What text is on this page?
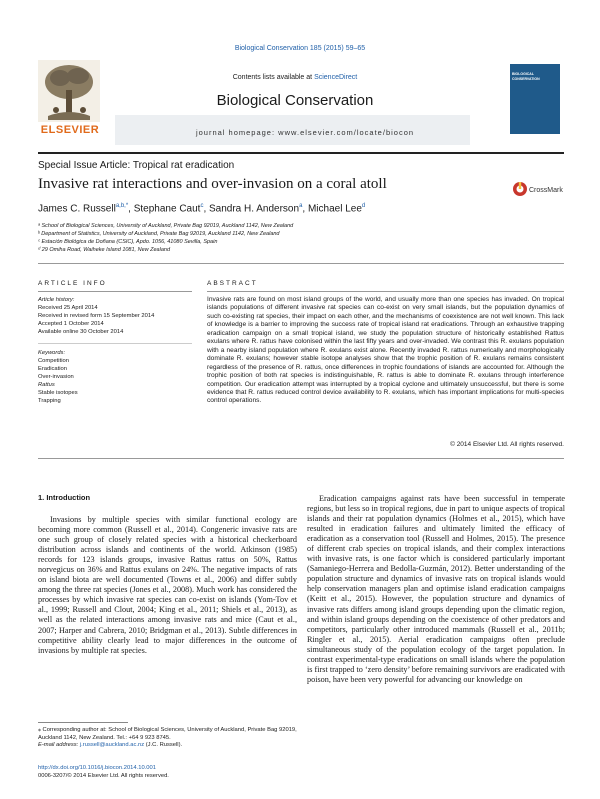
Biological Conservation 185 (2015) 59–65
ELSEVIER
Contents lists available at ScienceDirect
Biological Conservation
journal homepage: www.elsevier.com/locate/biocon
BIOLOGICAL CONSERVATION
Special Issue Article: Tropical rat eradication
Invasive rat interactions and over-invasion on a coral atoll	CrossMark
James C. Russell$^{a,b,*}$, Stephane Caut$^c$, Sandra H. Anderson$^a$, Michael Lee$^d$
ᵃ School of Biological Sciences, University of Auckland, Private Bag 92019, Auckland 1142, New Zealand
ᵇ Department of Statistics, University of Auckland, Private Bag 92019, Auckland 1142, New Zealand
ᶜ Estación Biológica de Doñana (CSIC), Apdo. 1056, 41080 Sevilla, Spain
ᵈ 29 Omiha Road, Waiheke Island 1081, New Zealand
ARTICLE INFO	ABSTRACT
Article history:
Received 25 April 2014
Received in revised form 15 September 2014
Accepted 1 October 2014
Available online 30 October 2014
Keywords:
Competition
Eradication
Over-invasion
Rattus
Stable isotopes
Trapping
Invasive rats are found on most island groups of the world, and usually more than one species has invaded. On tropical islands populations of different invasive rat species can co-exist on very small islands, but the population dynamics of such co-existing rat species, their impact on each other, and the mechanisms of coexistence are not well known. This lack of knowledge is a barrier to improving the success rate of tropical island rat eradications. Through an exhaustive trapping eradication campaign on a small tropical island, we study the population structure of historically established Rattus exulans where R. rattus have colonised within the last fifty years and over-invaded. We contrast this R. exulans population with a nearby island population where R. exulans exist alone. Recently invaded R. rattus numerically and morphologically dominate R. exulans; however stable isotope analyses show that the trophic position of R. exulans remains consistent regardless of the presence of R. rattus, once differences in trophic foundations of islands are accounted for. Although the trophic position of both rat species is indistinguishable, R. rattus is able to dominate R. exulans through interference competition. Our eradication attempt was interrupted by a tropical cyclone and ultimately unsuccessful, but there is some evidence that R. rattus reduced control device availability to R. exulans, which has important implications for multi-species control operations.
© 2014 Elsevier Ltd. All rights reserved.
1. Introduction
Invasions by multiple species with similar functional ecology are becoming more common (Russell et al., 2014). Congeneric invasive rats are one such group of closely related species with a historical checkerboard distribution across islands and continents of the world. Atkinson (1985) records for 123 islands groups, invasive Rattus rattus on 50%, Rattus norvegicus on 36% and Rattus exulans on 24%. The negative impacts of rats on island biota are well documented (Towns et al., 2006) and differ subtly among the three rat species (Jones et al., 2008). Much work has considered the processes by which invasive rat species can co-exist on islands (Yom-Tov et al., 1999; Russell and Clout, 2004; King et al., 2011; Shiels et al., 2013), as well as the related interactions among invasive rats and mice (Caut et al., 2007; Harper and Cabrera, 2010; Bridgman et al., 2013). Subtle differences in competitive ability clearly lead to major differences in the outcome of invasions by multiple rat species.
Eradication campaigns against rats have been successful in temperate regions, but less so in tropical regions, due in part to unique aspects of tropical islands and their rat population dynamics (Holmes et al., 2015), which have resulted in eradication failures and ultimately limited the efficacy of eradication as a conservation tool (Russell and Holmes, 2015). The presence of different crab species on tropical islands, and their complex interactions with invasive rats, is one factor which is considered particularly important (Samaniego-Herrera and Bedolla-Guzmán, 2012). Better understanding of the population structure and dynamics of invasive rats on tropical islands would help conservation managers plan and optimise island eradication campaigns (Keitt et al., 2015). However, the population structure and dynamics of invasive rats differs among island groups depending upon the climatic region, and within island groups depending on the coexistence of other predators and competitors, particularly other introduced mammals (Russell et al., 2011b; Ringler et al., 2015). Aerial eradication campaigns often preclude simultaneous study of the population ecology of the target population. In contrast experimental-type eradications on small islands where the population is first trapped to ‘zero density’ before remaining survivors are eradicated with poison, have been very powerful for advancing our knowledge on
⁎ Corresponding author at: School of Biological Sciences, University of Auckland, Private Bag 92019, Auckland 1142, New Zealand. Tel.: +64 9 923 8745.
E-mail address: j.russell@auckland.ac.nz (J.C. Russell).
http://dx.doi.org/10.1016/j.biocon.2014.10.001
0006-3207/© 2014 Elsevier Ltd. All rights reserved.
